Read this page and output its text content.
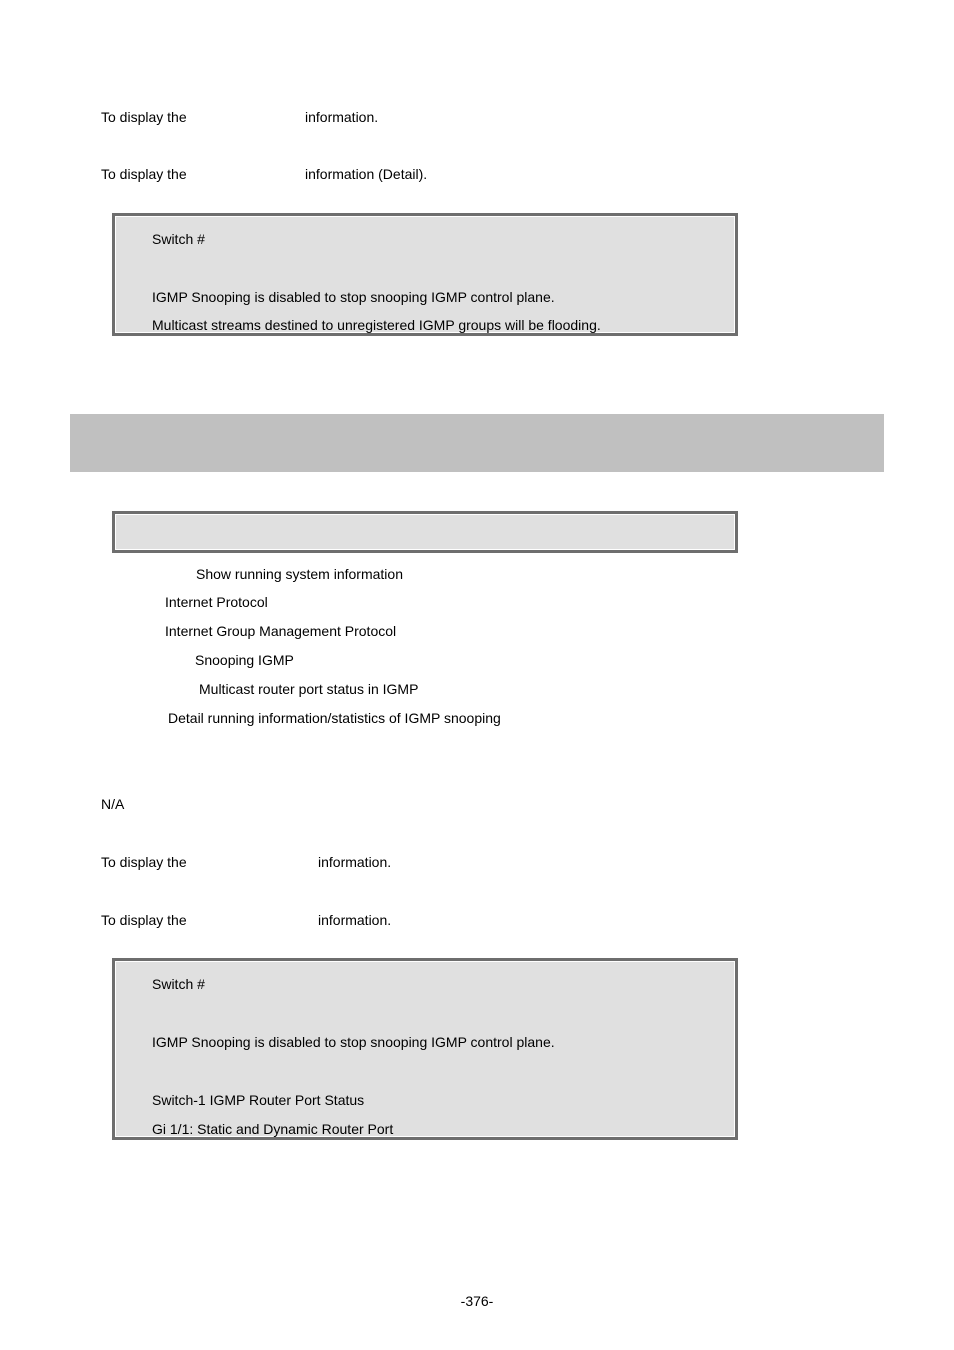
To display the	information.
To display the	information (Detail).
Switch #
IGMP Snooping is disabled to stop snooping IGMP control plane.
Multicast streams destined to unregistered IGMP groups will be flooding.
Show running system information
Internet Protocol
Internet Group Management Protocol
Snooping IGMP
Multicast router port status in IGMP
Detail running information/statistics of IGMP snooping
N/A
To display the	information.
To display the	information.
Switch #
IGMP Snooping is disabled to stop snooping IGMP control plane.
Switch-1 IGMP Router Port Status
Gi 1/1: Static and Dynamic Router Port
-376-
